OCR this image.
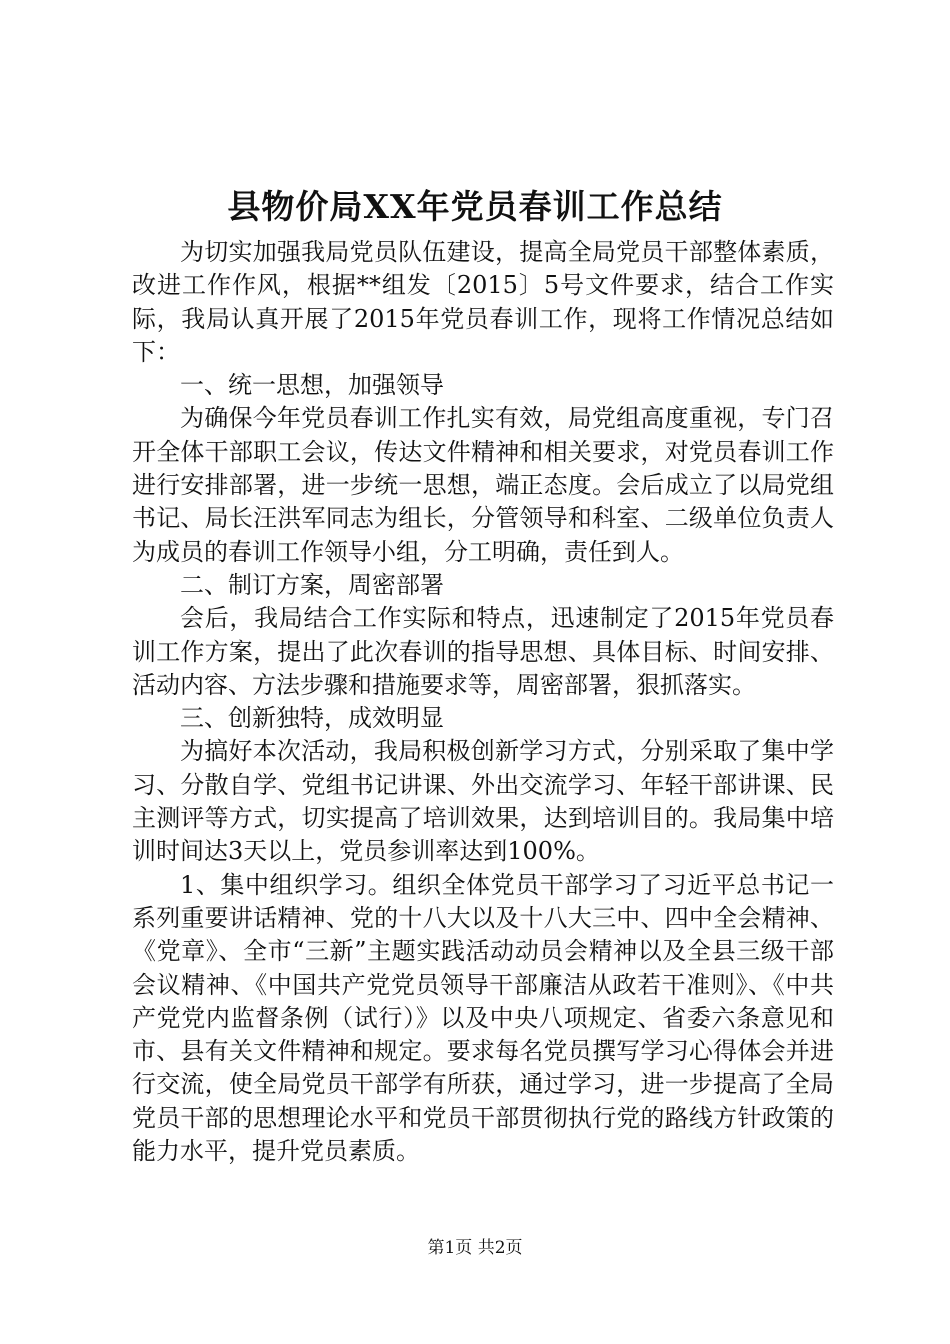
县物价局XX年党员春训工作总结

为切实加强我局党员队伍建设，提高全局党员干部整体素质，改进工作作风，根据**组发〔2015〕5号文件要求，结合工作实际，我局认真开展了2015年党员春训工作，现将工作情况总结如下：

一、统一思想，加强领导

为确保今年党员春训工作扎实有效，局党组高度重视，专门召开全体干部职工会议，传达文件精神和相关要求，对党员春训工作进行安排部署，进一步统一思想，端正态度。会后成立了以局党组书记、局长汪洪军同志为组长，分管领导和科室、二级单位负责人为成员的春训工作领导小组，分工明确，责任到人。

二、制订方案，周密部署

会后，我局结合工作实际和特点，迅速制定了2015年党员春训工作方案，提出了此次春训的指导思想、具体目标、时间安排、活动内容、方法步骤和措施要求等，周密部署，狠抓落实。

三、创新独特，成效明显

为搞好本次活动，我局积极创新学习方式，分别采取了集中学习、分散自学、党组书记讲课、外出交流学习、年轻干部讲课、民主测评等方式，切实提高了培训效果，达到培训目的。我局集中培训时间达3天以上，党员参训率达到100%。

1、集中组织学习。组织全体党员干部学习了习近平总书记一系列重要讲话精神、党的十八大以及十八大三中、四中全会精神、《党章》、全市“三新”主题实践活动动员会精神以及全县三级干部会议精神、《中国共产党党员领导干部廉洁从政若干准则》、《中共产党党内监督条例（试行）》以及中央八项规定、省委六条意见和市、县有关文件精神和规定。要求每名党员撰写学习心得体会并进行交流，使全局党员干部学有所获，通过学习，进一步提高了全局党员干部的思想理论水平和党员干部贯彻执行党的路线方针政策的能力水平，提升党员素质。

第1页 共2页
